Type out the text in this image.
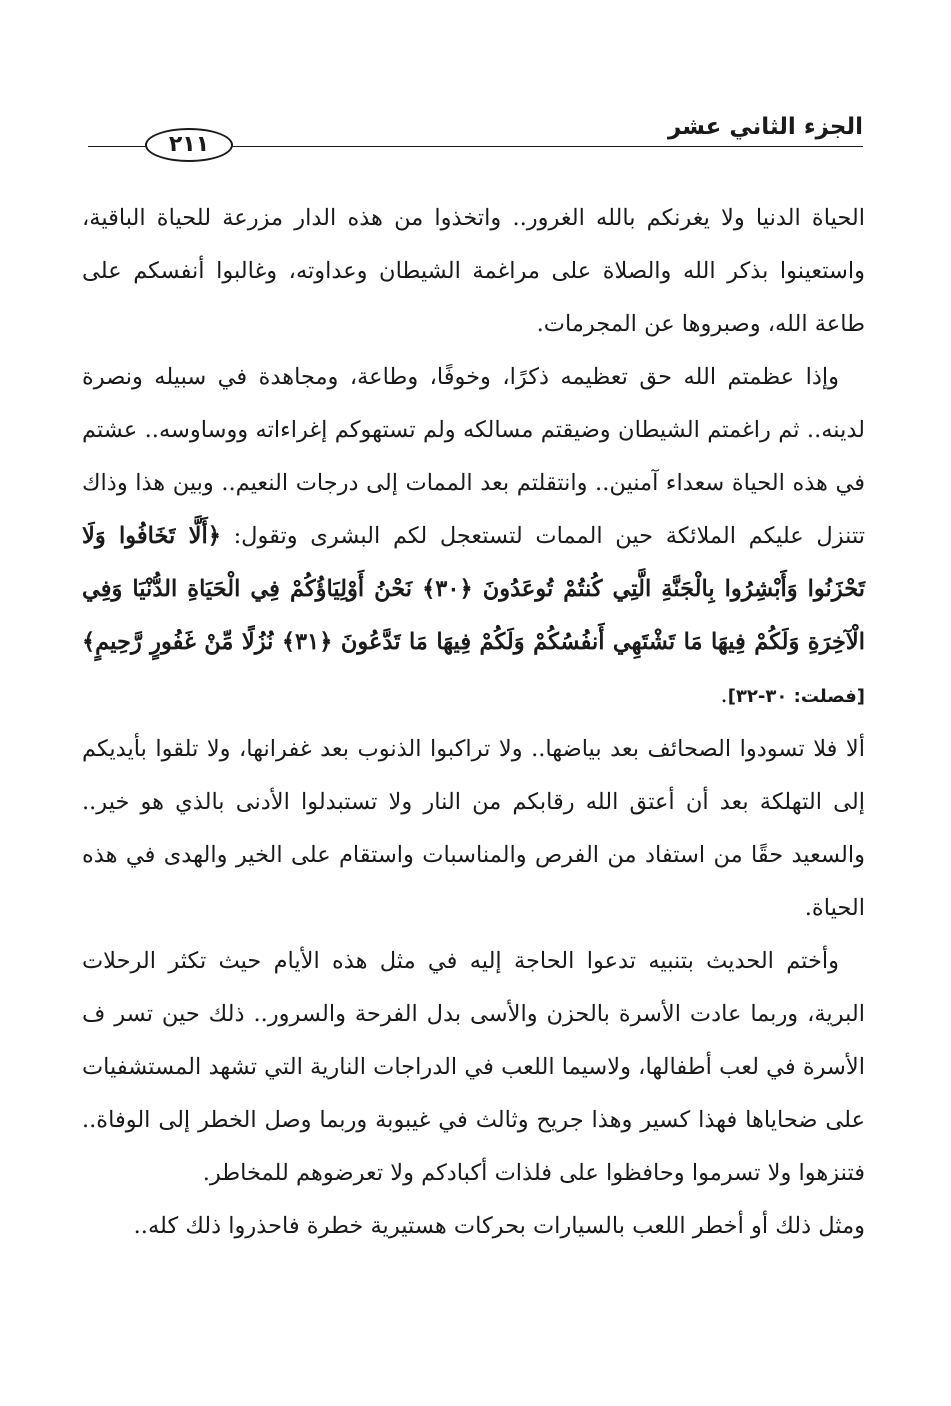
٢١١
الجزء الثاني عشر

الحياة الدنيا ولا يغرنكم بالله الغرور.. واتخذوا من هذه الدار مزرعة للحياة الباقية، واستعينوا بذكر الله والصلاة على مراغمة الشيطان وعداوته، وغالبوا أنفسكم على طاعة الله، وصبروها عن المجرمات.

وإذا عظمتم الله حق تعظيمه ذكرًا، وخوفًا، وطاعة، ومجاهدة في سبيله ونصرة لدينه.. ثم راغمتم الشيطان وضيقتم مسالكه ولم تستهوكم إغراءاته ووساوسه.. عشتم في هذه الحياة سعداء آمنين.. وانتقلتم بعد الممات إلى درجات النعيم.. وبين هذا وذاك تتنزل عليكم الملائكة حين الممات لتستعجل لكم البشرى وتقول: ﴿أَلَّا تَخَافُوا وَلَا تَحْزَنُوا وَأَبْشِرُوا بِالْجَنَّةِ الَّتِي كُنتُمْ تُوعَدُونَ ﴿٣٠﴾ نَحْنُ أَوْلِيَاؤُكُمْ فِي الْحَيَاةِ الدُّنْيَا وَفِي الْآخِرَةِ وَلَكُمْ فِيهَا مَا تَشْتَهِي أَنفُسُكُمْ وَلَكُمْ فِيهَا مَا تَدَّعُونَ ﴿٣١﴾ نُزُلًا مِّنْ غَفُورٍ رَّحِيمٍ﴾ [فصلت: ٣٠-٣٢].

ألا فلا تسودوا الصحائف بعد بياضها.. ولا تراكبوا الذنوب بعد غفرانها، ولا تلقوا بأيديكم إلى التهلكة بعد أن أعتق الله رقابكم من النار ولا تستبدلوا الأدنى بالذي هو خير.. والسعيد حقًا من استفاد من الفرص والمناسبات واستقام على الخير والهدى في هذه الحياة.

وأختم الحديث بتنبيه تدعوا الحاجة إليه في مثل هذه الأيام حيث تكثر الرحلات البرية، وربما عادت الأسرة بالحزن والأسى بدل الفرحة والسرور.. ذلك حين تسر ف الأسرة في لعب أطفالها، ولاسيما اللعب في الدراجات النارية التي تشهد المستشفيات على ضحاياها فهذا كسير وهذا جريح وثالث في غيبوبة وربما وصل الخطر إلى الوفاة.. فتنزهوا ولا تسرموا وحافظوا على فلذات أكبادكم ولا تعرضوهم للمخاطر.

ومثل ذلك أو أخطر اللعب بالسيارات بحركات هستيرية خطرة فاحذروا ذلك كله..
